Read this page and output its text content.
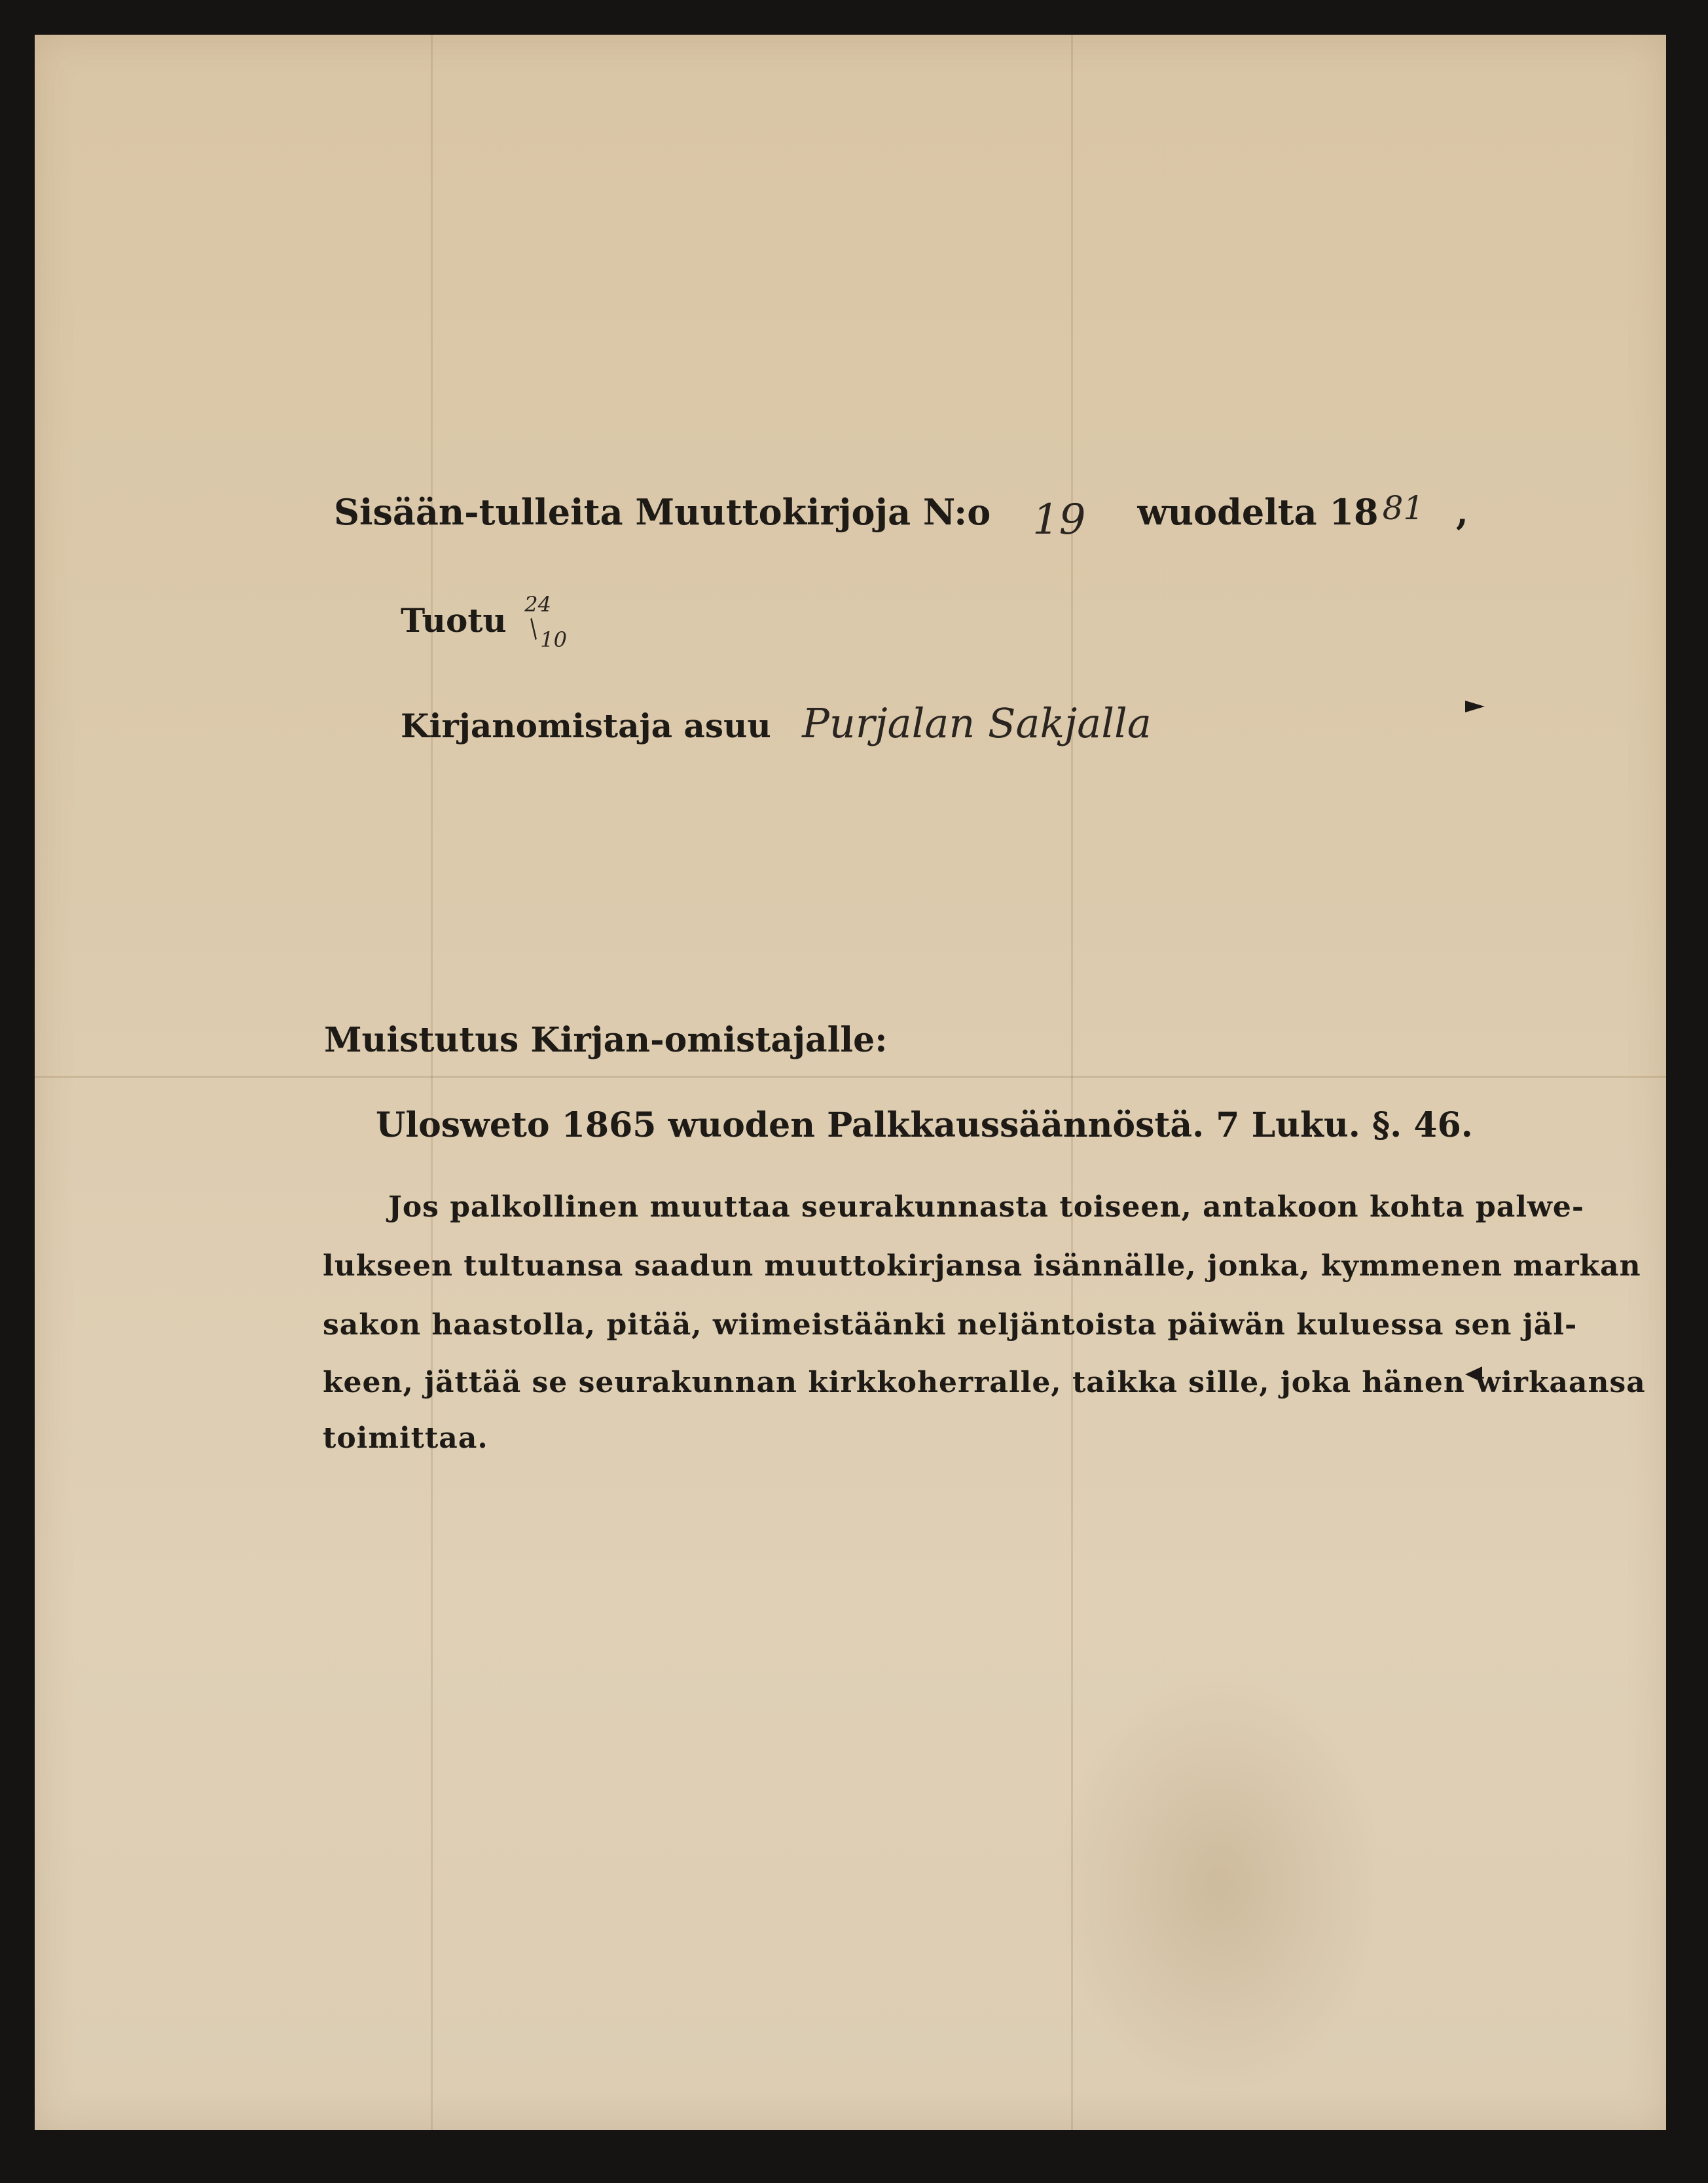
Sisään-tulleita Muuttokirjoja N:o 19 wuodelta 18 81 ,
Tuotu 24
/
10
Kirjanomistaja asuu Purjalan Sakjalla
Muistutus Kirjan-omistajalle:
Ulosweto 1865 wuoden Palkkaussäännöstä. 7 Luku. §. 46.
Jos palkollinen muuttaa seurakunnasta toiseen, antakoon kohta palwe-
lukseen tultuansa saadun muuttokirjansa isännälle, jonka, kymmenen markan
sakon haastolla, pitää, wiimeistäänki neljäntoista päiwän kuluessa sen jäl-
keen, jättää se seurakunnan kirkkoherralle, taikka sille, joka hänen wirkaansa
toimittaa.
